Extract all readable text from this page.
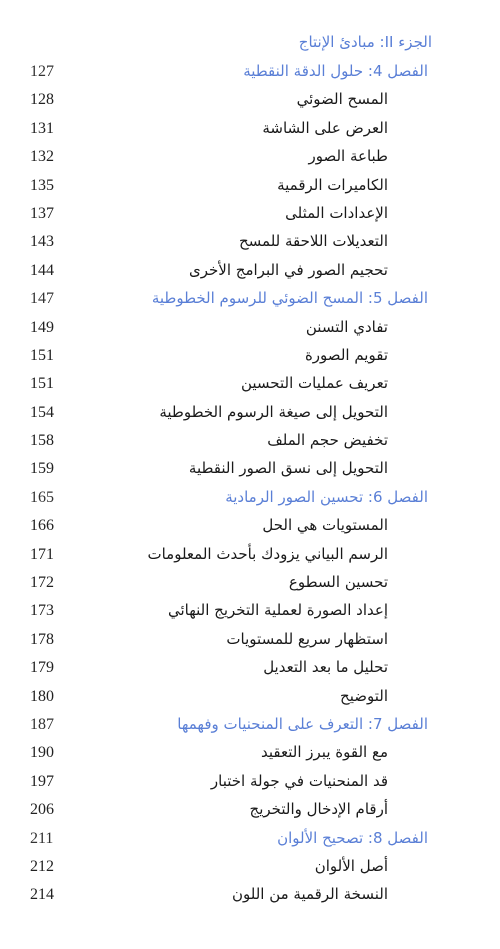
الجزء II: مبادئ الإنتاج
127	الفصل 4: حلول الدقة النقطية
128	المسح الضوئي
131	العرض على الشاشة
132	طباعة الصور
135	الكاميرات الرقمية
137	الإعدادات المثلى
143	التعديلات اللاحقة للمسح
144	تحجيم الصور في البرامج الأخرى
147	الفصل 5: المسح الضوئي للرسوم الخطوطية
149	تفادي التسنن
151	تقويم الصورة
151	تعريف عمليات التحسين
154	التحويل إلى صيغة الرسوم الخطوطية
158	تخفيض حجم الملف
159	التحويل إلى نسق الصور النقطية
165	الفصل 6: تحسين الصور الرمادية
166	المستويات هي الحل
171	الرسم البياني يزودك بأحدث المعلومات
172	تحسين السطوع
173	إعداد الصورة لعملية التخريج النهائي
178	استظهار سريع للمستويات
179	تحليل ما بعد التعديل
180	التوضيح
187	الفصل 7: التعرف على المنحنيات وفهمها
190	مع القوة يبرز التعقيد
197	قد المنحنيات في جولة اختبار
206	أرقام الإدخال والتخريج
211	الفصل 8: تصحيح الألوان
212	أصل الألوان
214	النسخة الرقمية من اللون
